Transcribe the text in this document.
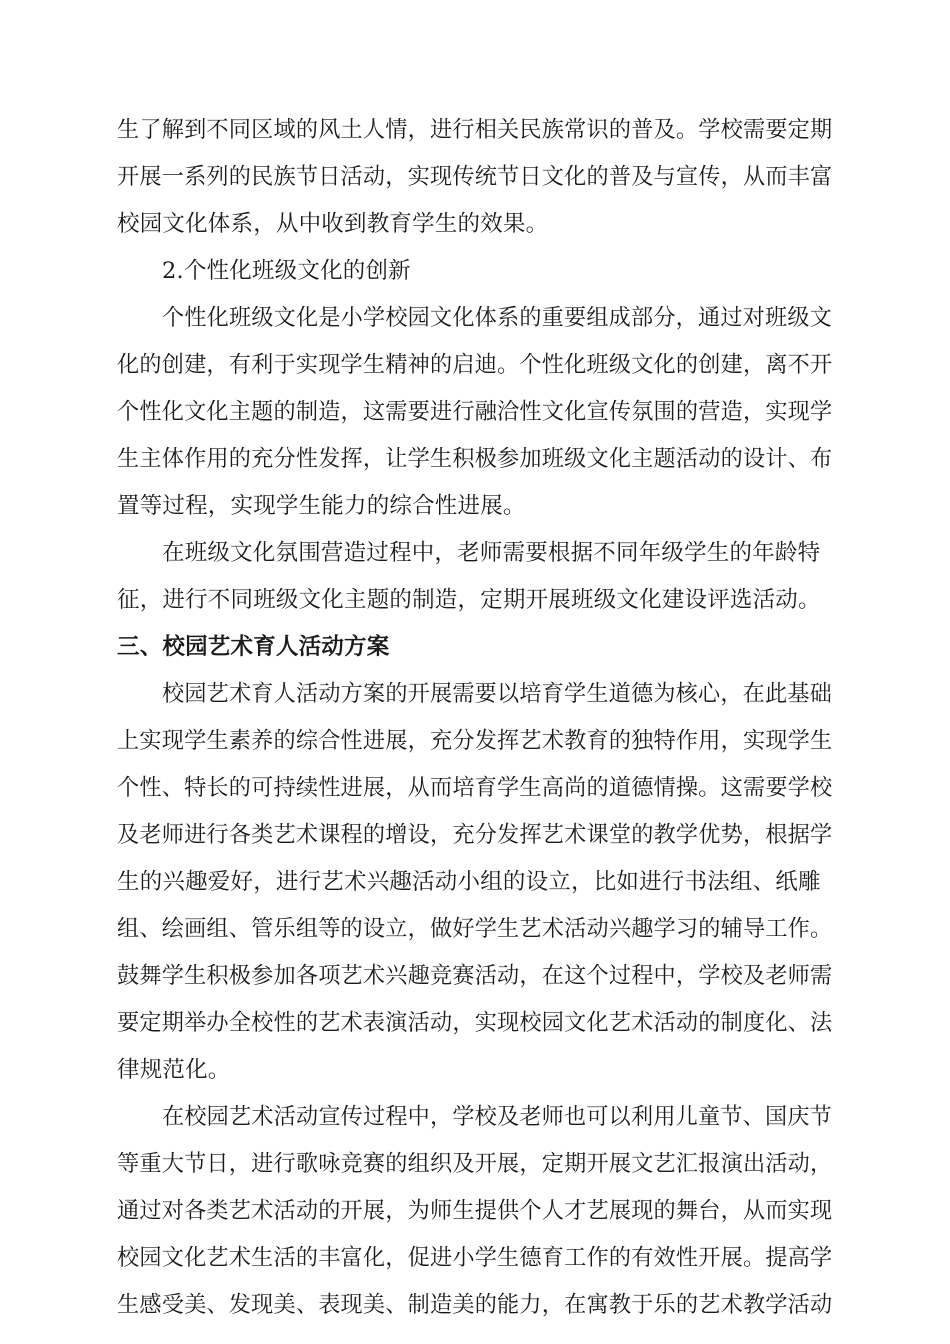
生了解到不同区域的风土人情，进行相关民族常识的普及。学校需要定期
开展一系列的民族节日活动，实现传统节日文化的普及与宣传，从而丰富
校园文化体系，从中收到教育学生的效果。
2.个性化班级文化的创新
个性化班级文化是小学校园文化体系的重要组成部分，通过对班级文
化的创建，有利于实现学生精神的启迪。个性化班级文化的创建，离不开
个性化文化主题的制造，这需要进行融洽性文化宣传氛围的营造，实现学
生主体作用的充分性发挥，让学生积极参加班级文化主题活动的设计、布
置等过程，实现学生能力的综合性进展。
在班级文化氛围营造过程中，老师需要根据不同年级学生的年龄特
征，进行不同班级文化主题的制造，定期开展班级文化建设评选活动。
三、校园艺术育人活动方案
校园艺术育人活动方案的开展需要以培育学生道德为核心，在此基础
上实现学生素养的综合性进展，充分发挥艺术教育的独特作用，实现学生
个性、特长的可持续性进展，从而培育学生高尚的道德情操。这需要学校
及老师进行各类艺术课程的增设，充分发挥艺术课堂的教学优势，根据学
生的兴趣爱好，进行艺术兴趣活动小组的设立，比如进行书法组、纸雕
组、绘画组、管乐组等的设立，做好学生艺术活动兴趣学习的辅导工作。
鼓舞学生积极参加各项艺术兴趣竞赛活动，在这个过程中，学校及老师需
要定期举办全校性的艺术表演活动，实现校园文化艺术活动的制度化、法
律规范化。
在校园艺术活动宣传过程中，学校及老师也可以利用儿童节、国庆节
等重大节日，进行歌咏竞赛的组织及开展，定期开展文艺汇报演出活动，
通过对各类艺术活动的开展，为师生提供个人才艺展现的舞台，从而实现
校园文化艺术生活的丰富化，促进小学生德育工作的有效性开展。提高学
生感受美、发现美、表现美、制造美的能力，在寓教于乐的艺术教学活动
